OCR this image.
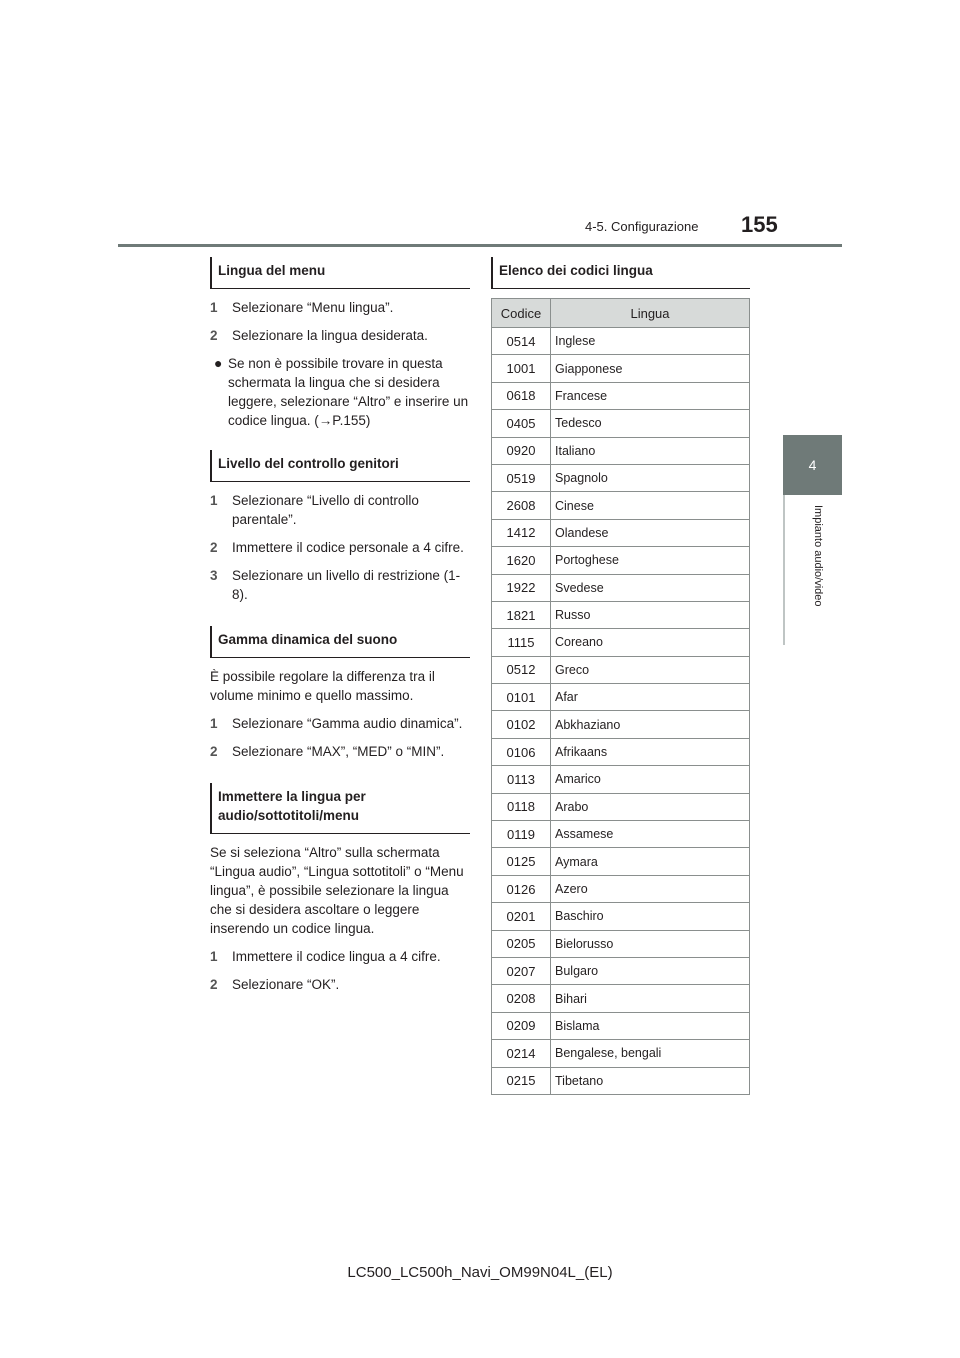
4-5. Configurazione 155
4
Impianto audio/video
Lingua del menu
1	Selezionare “Menu lingua”.
2	Selezionare la lingua desiderata.
● Se non è possibile trovare in questa schermata la lingua che si desidera leggere, selezionare “Altro” e inserire un codice lingua. (→P.155)
Livello del controllo genitori
1	Selezionare “Livello di controllo parentale”.
2	Immettere il codice personale a 4 cifre.
3	Selezionare un livello di restrizione (1-8).
Gamma dinamica del suono
È possibile regolare la differenza tra il volume minimo e quello massimo.
1	Selezionare “Gamma audio dinamica”.
2	Selezionare “MAX”, “MED” o “MIN”.
Immettere la lingua per audio/sottotitoli/menu
Se si seleziona “Altro” sulla schermata “Lingua audio”, “Lingua sottotitoli” o “Menu lingua”, è possibile selezionare la lingua che si desidera ascoltare o leggere inserendo un codice lingua.
1	Immettere il codice lingua a 4 cifre.
2	Selezionare “OK”.
Elenco dei codici lingua
Codice	Lingua
0514	Inglese
1001	Giapponese
0618	Francese
0405	Tedesco
0920	Italiano
0519	Spagnolo
2608	Cinese
1412	Olandese
1620	Portoghese
1922	Svedese
1821	Russo
1115	Coreano
0512	Greco
0101	Afar
0102	Abkhaziano
0106	Afrikaans
0113	Amarico
0118	Arabo
0119	Assamese
0125	Aymara
0126	Azero
0201	Baschiro
0205	Bielorusso
0207	Bulgaro
0208	Bihari
0209	Bislama
0214	Bengalese, bengali
0215	Tibetano
LC500_LC500h_Navi_OM99N04L_(EL)
